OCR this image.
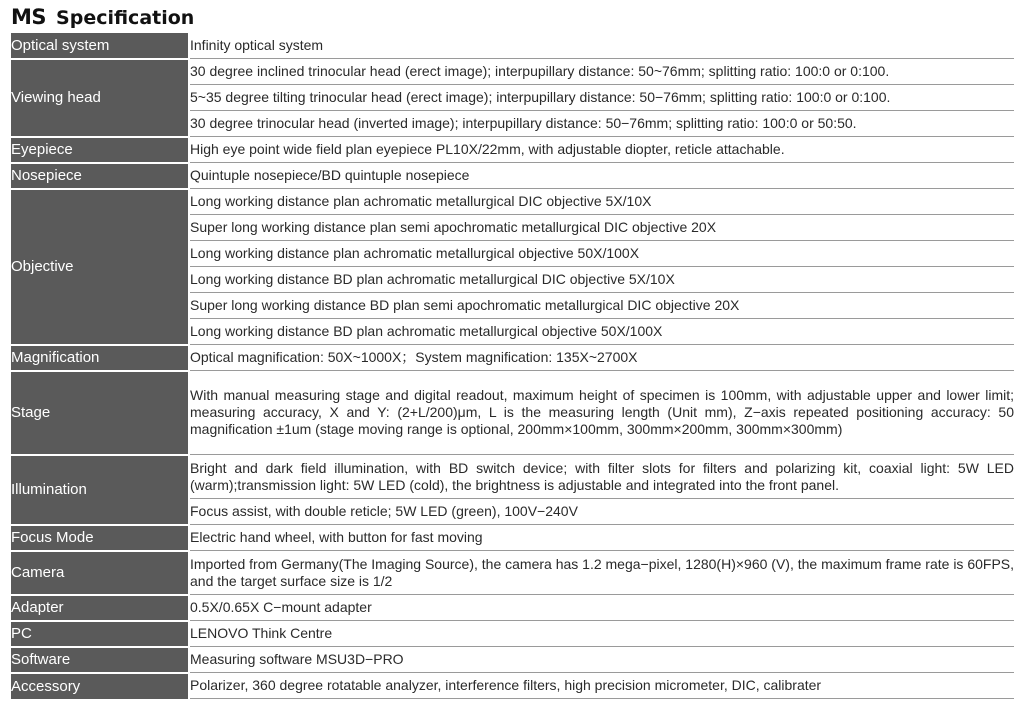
MS Specification
Optical system	Infinity optical system
Viewing head	30 degree inclined trinocular head (erect image); interpupillary distance: 50~76mm; splitting ratio: 100:0 or 0:100.
	5~35 degree tilting trinocular head (erect image); interpupillary distance: 50−76mm; splitting ratio: 100:0 or 0:100.
	30 degree trinocular head (inverted image); interpupillary distance: 50−76mm; splitting ratio: 100:0 or 50:50.
Eyepiece	High eye point wide field plan eyepiece PL10X/22mm, with adjustable diopter, reticle attachable.
Nosepiece	Quintuple nosepiece/BD quintuple nosepiece
Objective	Long working distance plan achromatic metallurgical DIC objective 5X/10X
	Super long working distance plan semi apochromatic metallurgical DIC objective 20X
	Long working distance plan achromatic metallurgical objective 50X/100X
	Long working distance BD plan achromatic metallurgical DIC objective 5X/10X
	Super long working distance BD plan semi apochromatic metallurgical DIC objective 20X
	Long working distance BD plan achromatic metallurgical objective 50X/100X
Magnification	Optical magnification: 50X~1000X；System magnification: 135X~2700X
Stage	With manual measuring stage and digital readout, maximum height of specimen is 100mm, with adjustable upper and lower limit; measuring accuracy, X and Y: (2+L/200)μm, L is the measuring length (Unit mm), Z−axis repeated positioning accuracy: 50 magnification ±1um (stage moving range is optional, 200mm×100mm, 300mm×200mm, 300mm×300mm)
Illumination	Bright and dark field illumination, with BD switch device; with filter slots for filters and polarizing kit, coaxial light: 5W LED (warm);transmission light: 5W LED (cold), the brightness is adjustable and integrated into the front panel.
	Focus assist, with double reticle; 5W LED (green), 100V−240V
Focus Mode	Electric hand wheel, with button for fast moving
Camera	Imported from Germany(The Imaging Source), the camera has 1.2 mega−pixel, 1280(H)×960 (V), the maximum frame rate is 60FPS, and the target surface size is 1/2
Adapter	0.5X/0.65X C−mount adapter
PC	LENOVO Think Centre
Software	Measuring software MSU3D−PRO
Accessory	Polarizer, 360 degree rotatable analyzer, interference filters, high precision micrometer, DIC, calibrater
